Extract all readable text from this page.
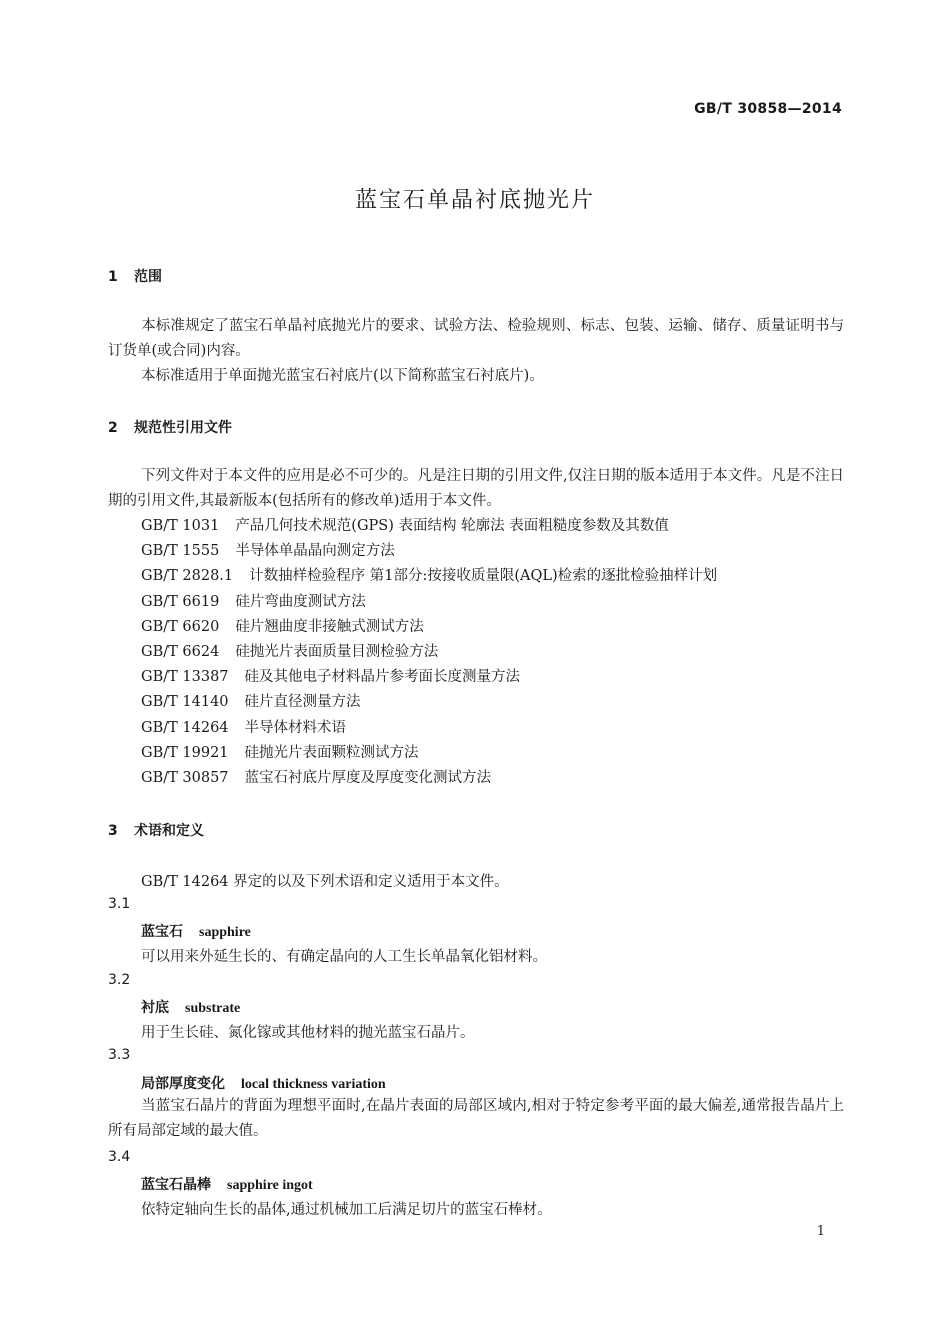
GB/T 30858—2014
蓝宝石单晶衬底抛光片
1 范围
本标准规定了蓝宝石单晶衬底抛光片的要求、试验方法、检验规则、标志、包装、运输、储存、质量证明书与订货单(或合同)内容。
本标准适用于单面抛光蓝宝石衬底片(以下简称蓝宝石衬底片)。
2 规范性引用文件
下列文件对于本文件的应用是必不可少的。凡是注日期的引用文件,仅注日期的版本适用于本文件。凡是不注日期的引用文件,其最新版本(包括所有的修改单)适用于本文件。
GB/T 1031 产品几何技术规范(GPS) 表面结构 轮廓法 表面粗糙度参数及其数值
GB/T 1555 半导体单晶晶向测定方法
GB/T 2828.1 计数抽样检验程序 第1部分:按接收质量限(AQL)检索的逐批检验抽样计划
GB/T 6619 硅片弯曲度测试方法
GB/T 6620 硅片翘曲度非接触式测试方法
GB/T 6624 硅抛光片表面质量目测检验方法
GB/T 13387 硅及其他电子材料晶片参考面长度测量方法
GB/T 14140 硅片直径测量方法
GB/T 14264 半导体材料术语
GB/T 19921 硅抛光片表面颗粒测试方法
GB/T 30857 蓝宝石衬底片厚度及厚度变化测试方法
3 术语和定义
GB/T 14264 界定的以及下列术语和定义适用于本文件。
3.1
蓝宝石 sapphire
可以用来外延生长的、有确定晶向的人工生长单晶氧化铝材料。
3.2
衬底 substrate
用于生长硅、氮化镓或其他材料的抛光蓝宝石晶片。
3.3
局部厚度变化 local thickness variation
当蓝宝石晶片的背面为理想平面时,在晶片表面的局部区域内,相对于特定参考平面的最大偏差,通常报告晶片上所有局部定域的最大值。
3.4
蓝宝石晶棒 sapphire ingot
依特定轴向生长的晶体,通过机械加工后满足切片的蓝宝石棒材。
1
